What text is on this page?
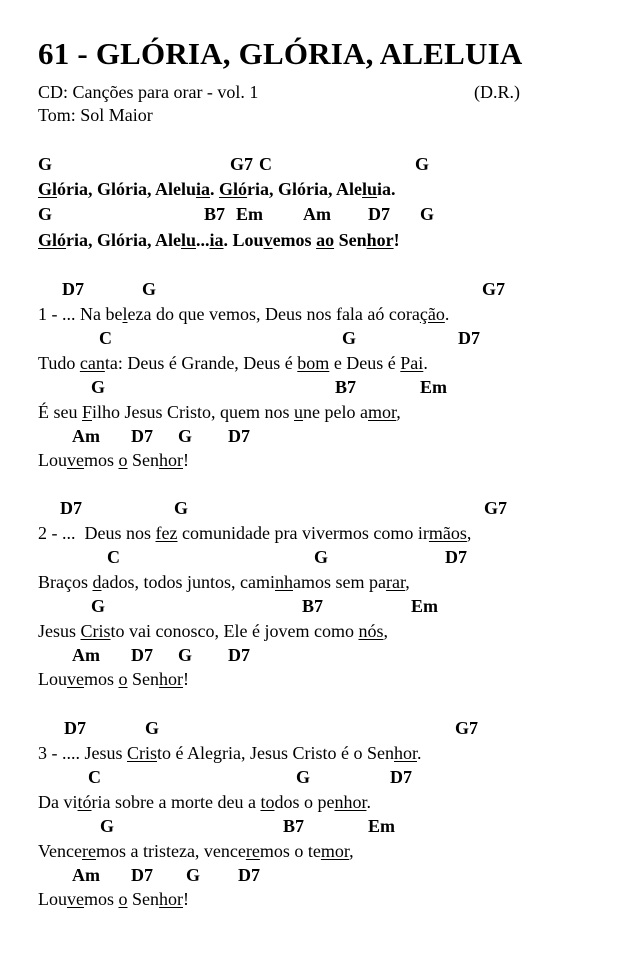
61 - GLÓRIA, GLÓRIA, ALELUIA
CD: Canções para orar - vol. 1	(D.R.)
Tom: Sol Maior
G	G7 C	G
Glória, Glória, Aleluia. Glória, Glória, Aleluia.
G	B7 Em Am D7 G
Glória, Glória, Alelu...ia. Louvemos ao Senhor!
D7	G	G7
1 - ... Na beleza do que vemos, Deus nos fala aó coração.
C	G	D7
Tudo canta: Deus é Grande, Deus é bom e Deus é Pai.
G	B7	Em
É seu Filho Jesus Cristo, quem nos une pelo amor,
Am D7 G D7
Louvemos o Senhor!
D7	G	G7
2 - ...  Deus nos fez comunidade pra vivermos como irmãos,
C	G	D7
Braços dados, todos juntos, caminhamos sem parar,
G	B7	Em
Jesus Cristo vai conosco, Ele é jovem como nós,
Am D7 G D7
Louvemos o Senhor!
D7	G	G7
3 - .... Jesus Cristo é Alegria, Jesus Cristo é o Senhor.
C	G	D7
Da vitória sobre a morte deu a todos o penhor.
G	B7	Em
Venceremos a tristeza, venceremos o temor,
Am D7 G D7
Louvemos o Senhor!
